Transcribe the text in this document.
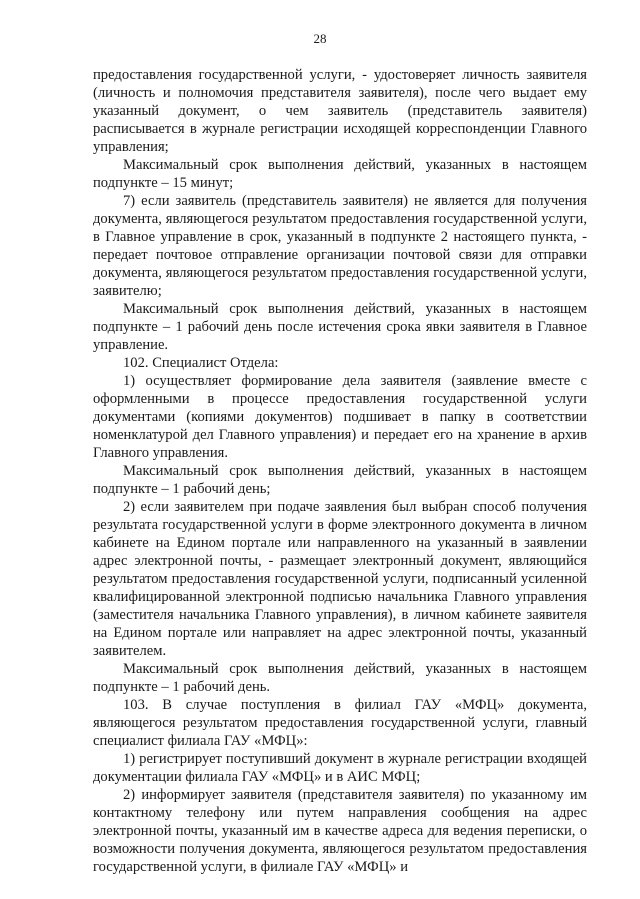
28

предоставления государственной услуги, - удостоверяет личность заявителя (личность и полномочия представителя заявителя), после чего выдает ему указанный документ, о чем заявитель (представитель заявителя) расписывается в журнале регистрации исходящей корреспонденции Главного управления;

Максимальный срок выполнения действий, указанных в настоящем подпункте – 15 минут;

7) если заявитель (представитель заявителя) не является для получения документа, являющегося результатом предоставления государственной услуги, в Главное управление в срок, указанный в подпункте 2 настоящего пункта, - передает почтовое отправление организации почтовой связи для отправки документа, являющегося результатом предоставления государственной услуги, заявителю;

Максимальный срок выполнения действий, указанных в настоящем подпункте – 1 рабочий день после истечения срока явки заявителя в Главное управление.

102. Специалист Отдела:

1) осуществляет формирование дела заявителя (заявление вместе с оформленными в процессе предоставления государственной услуги документами (копиями документов) подшивает в папку в соответствии номенклатурой дел Главного управления) и передает его на хранение в архив Главного управления.

Максимальный срок выполнения действий, указанных в настоящем подпункте – 1 рабочий день;

2) если заявителем при подаче заявления был выбран способ получения результата государственной услуги в форме электронного документа в личном кабинете на Едином портале или направленного на указанный в заявлении адрес электронной почты, - размещает электронный документ, являющийся результатом предоставления государственной услуги, подписанный усиленной квалифицированной электронной подписью начальника Главного управления (заместителя начальника Главного управления), в личном кабинете заявителя на Едином портале или направляет на адрес электронной почты, указанный заявителем.

Максимальный срок выполнения действий, указанных в настоящем подпункте – 1 рабочий день.

103. В случае поступления в филиал ГАУ «МФЦ» документа, являющегося результатом предоставления государственной услуги, главный специалист филиала ГАУ «МФЦ»:

1) регистрирует поступивший документ в журнале регистрации входящей документации филиала ГАУ «МФЦ» и в АИС МФЦ;

2) информирует заявителя (представителя заявителя) по указанному им контактному телефону или путем направления сообщения на адрес электронной почты, указанный им в качестве адреса для ведения переписки, о возможности получения документа, являющегося результатом предоставления государственной услуги, в филиале ГАУ «МФЦ» и
